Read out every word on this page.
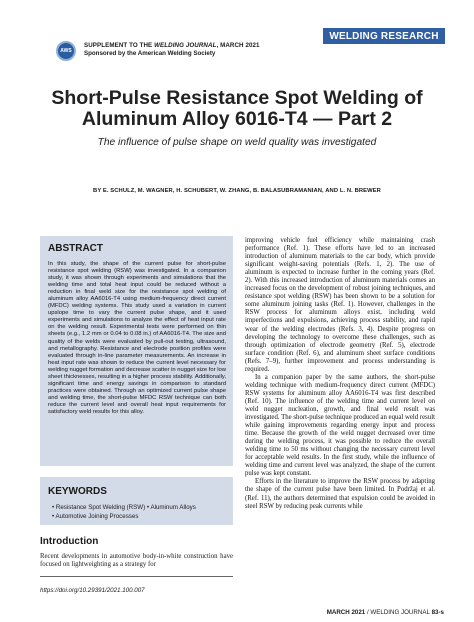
AWS
SUPPLEMENT TO THE WELDING JOURNAL, MARCH 2021
Sponsored by the American Welding Society
WELDING RESEARCH
Short-Pulse Resistance Spot Welding of
Aluminum Alloy 6016-T4 — Part 2
The influence of pulse shape on weld quality was investigated
BY E. SCHULZ, M. WAGNER, H. SCHUBERT, W. ZHANG, B. BALASUBRAMANIAN, AND L. N. BREWER
ABSTRACT
In this study, the shape of the current pulse for short-pulse resistance spot welding (RSW) was investigated. In a companion study, it was shown through experiments and simulations that the welding time and total heat input could be reduced without a reduction in final weld size for the resistance spot welding of aluminum alloy AA6016-T4 using medium-frequency direct current (MFDC) welding systems. This study used a variation in current upslope time to vary the current pulse shape, and it used experiments and simulations to analyze the effect of heat input rate on the welding result. Experimental tests were performed on thin sheets (e.g., 1.2 mm or 0.04 to 0.08 in.) of AA6016-T4. The size and quality of the welds were evaluated by pull-out testing, ultrasound, and metallography. Resistance and electrode position profiles were evaluated through in-line parameter measurements. An increase in heat input rate was shown to reduce the current level necessary for welding nugget formation and decrease scatter in nugget size for low sheet thicknesses, resulting in a higher process stability. Additionally, significant time and energy savings in comparison to standard practices were obtained. Through an optimized current pulse shape and welding time, the short-pulse MFDC RSW technique can both reduce the current level and overall heat input requirements for satisfactory weld results for this alloy.
KEYWORDS
• Resistance Spot Welding (RSW) • Aluminum Alloys
• Automotive Joining Processes
Introduction
Recent developments in automotive body-in-white construction have focused on lightweighting as a strategy for
https://doi.org/10.29391/2021.100.007

improving vehicle fuel efficiency while maintaining crash performance (Ref. 1). These efforts have led to an increased introduction of aluminum materials to the car body, which provide significant weight-saving potentials (Refs. 1, 2). The use of aluminum is expected to increase further in the coming years (Ref. 2). With this increased introduction of aluminum materials comes an increased focus on the development of robust joining techniques, and resistance spot welding (RSW) has been shown to be a solution for some aluminum joining tasks (Ref. 1). However, challenges in the RSW process for aluminum alloys exist, including weld imperfections and expulsions, achieving process stability, and rapid wear of the welding electrodes (Refs. 3, 4). Despite progress on developing the technology to overcome these challenges, such as through optimization of electrode geometry (Ref. 5), electrode surface condition (Ref. 6), and aluminum sheet surface conditions (Refs. 7–9), further improvement and process understanding is required.

In a companion paper by the same authors, the short-pulse welding technique with medium-frequency direct current (MFDC) RSW systems for aluminum alloy AA6016-T4 was first described (Ref. 10). The influence of the welding time and current level on weld nugget nucleation, growth, and final weld result was investigated. The short-pulse technique produced an equal weld result while gaining improvements regarding energy input and process time. Because the growth of the weld nugget decreased over time during the welding process, it was possible to reduce the overall welding time to 50 ms without changing the necessary current level for acceptable weld results. In the first study, while the influence of welding time and current level was analyzed, the shape of the current pulse was kept constant.

Efforts in the literature to improve the RSW process by adapting the shape of the current pulse have been limited. In Podržaj et al. (Ref. 11), the authors determined that expulsion could be avoided in steel RSW by reducing peak currents while

MARCH 2021 / WELDING JOURNAL 83-s
